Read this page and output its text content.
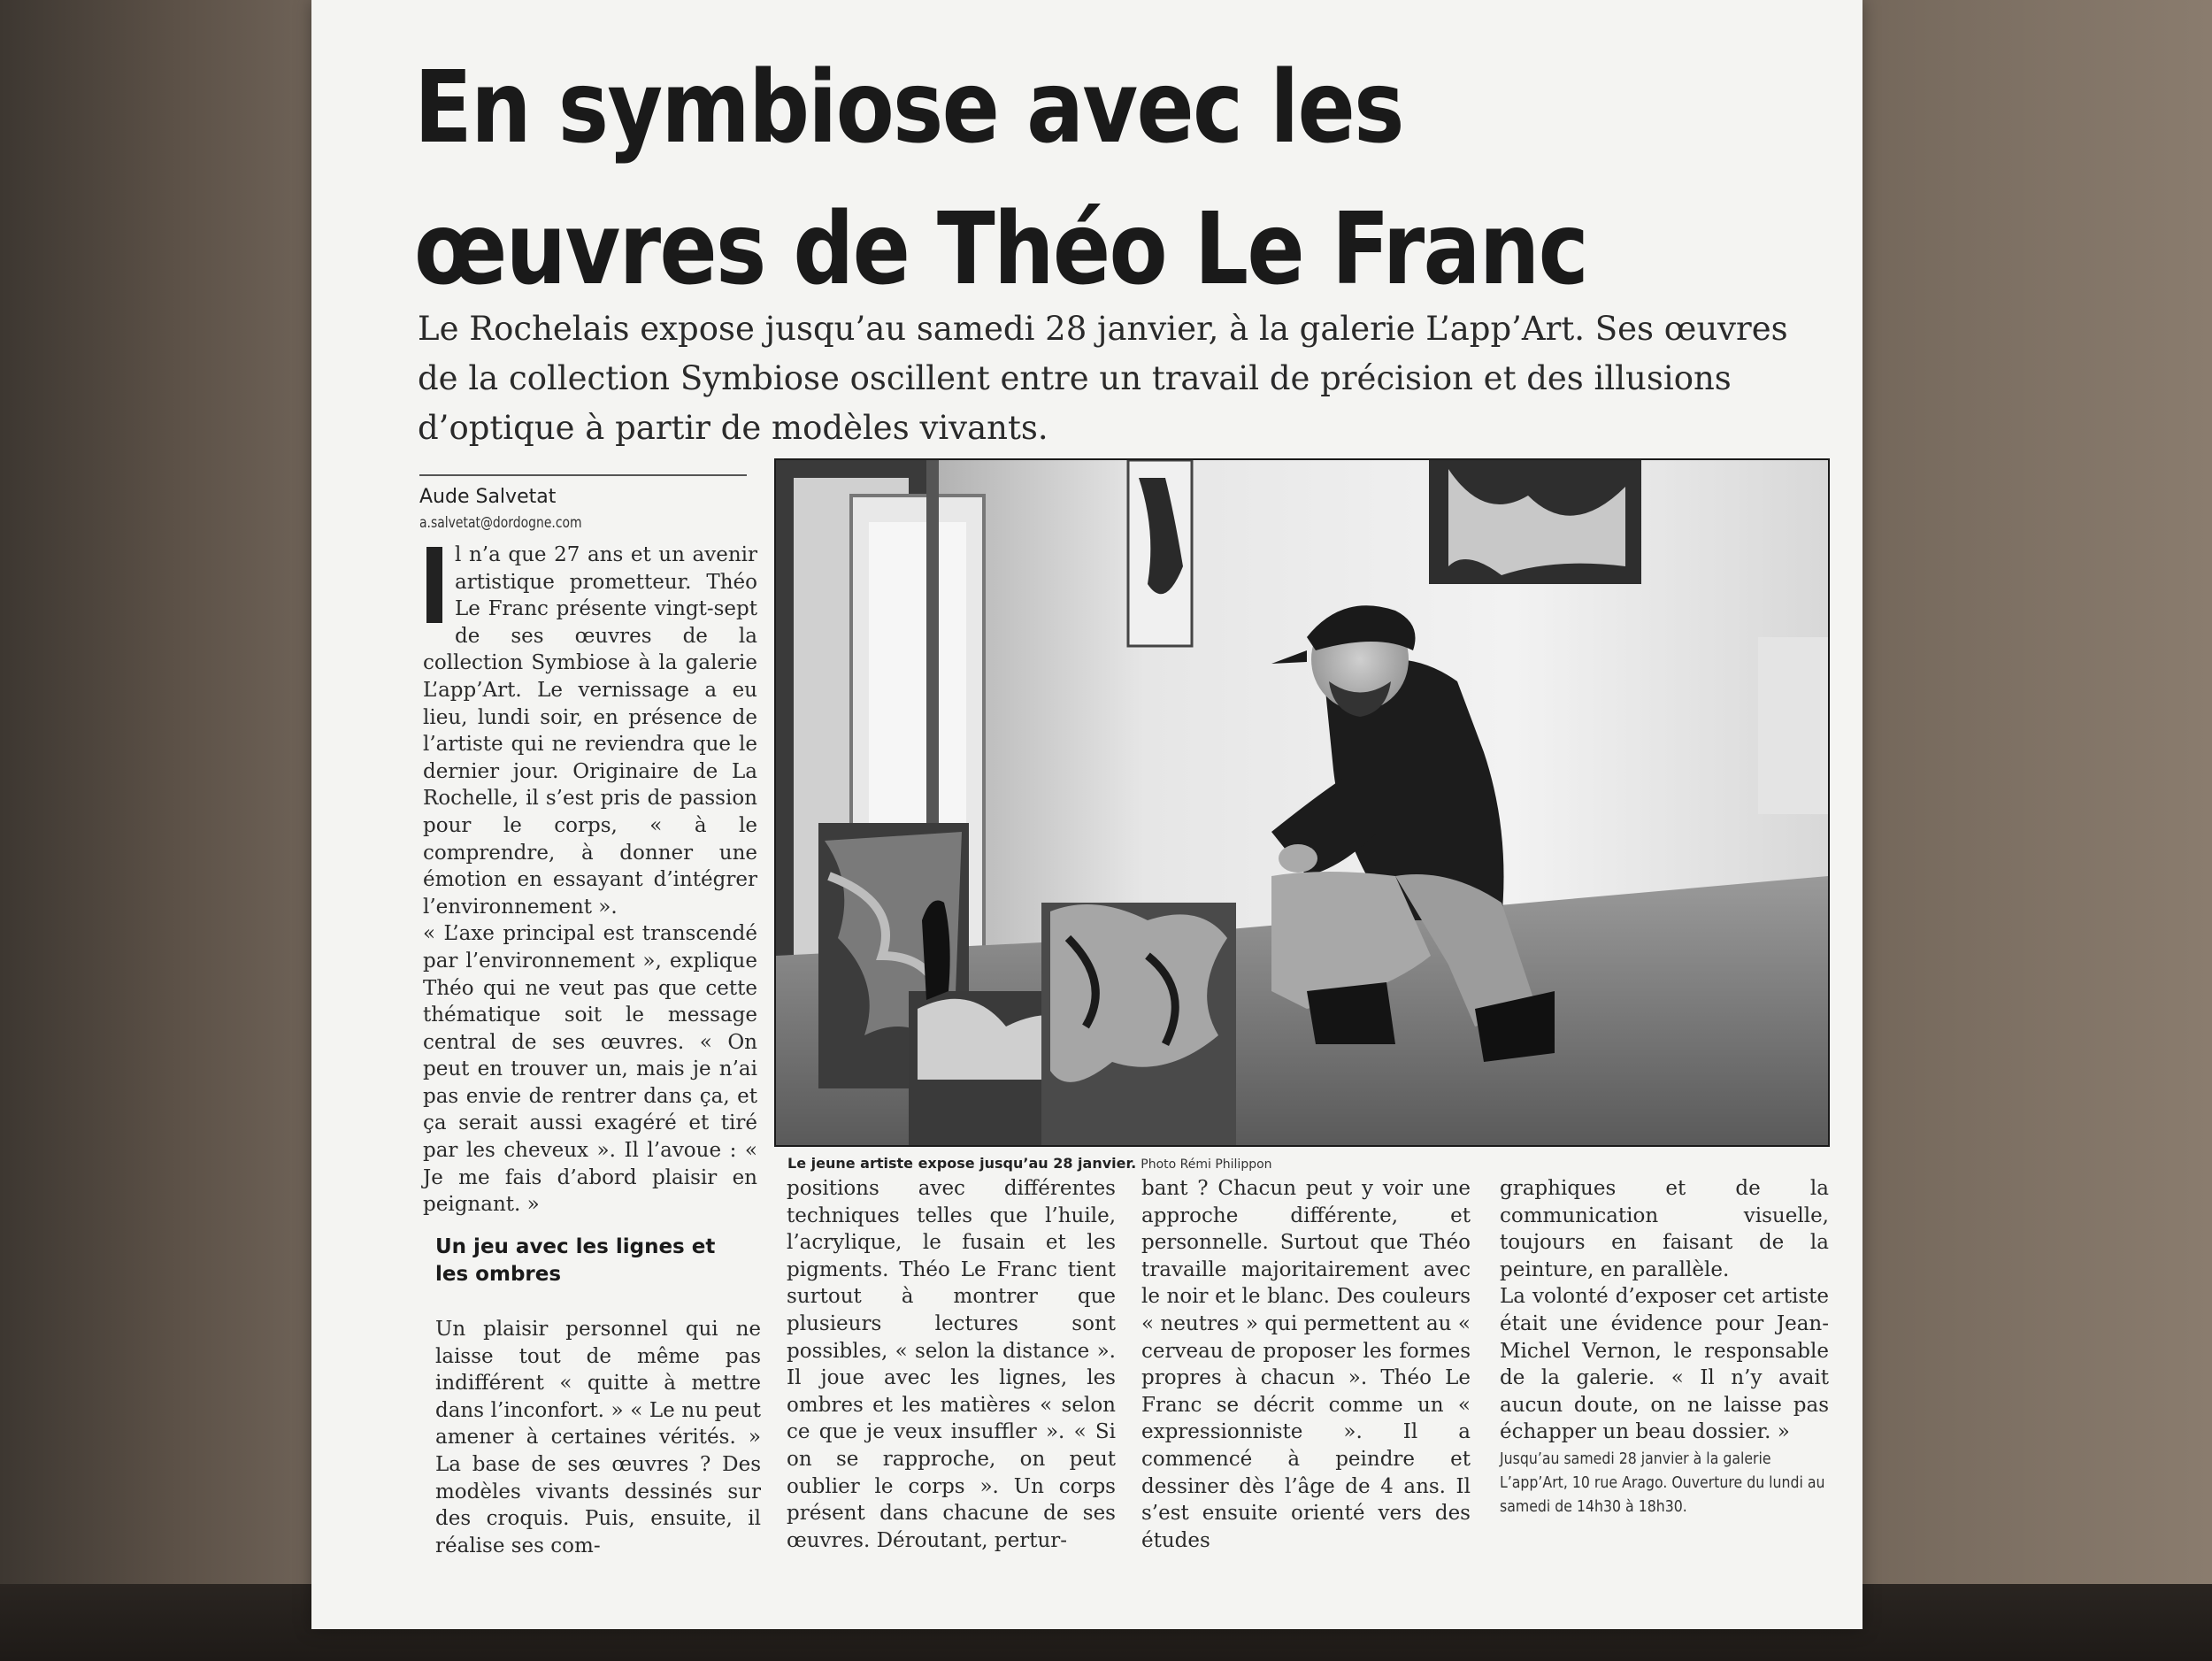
En symbiose avec les œuvres de Théo Le Franc

Le Rochelais expose jusqu’au samedi 28 janvier, à la galerie L’app’Art. Ses œuvres de la collection Symbiose oscillent entre un travail de précision et des illusions d’optique à partir de modèles vivants.

Aude Salvetat
a.salvetat@dordogne.com

l n’a que 27 ans et un avenir artistique prometteur. Théo Le Franc présente vingt-sept de ses œuvres de la collection Symbiose à la galerie L’app’Art. Le vernissage a eu lieu, lundi soir, en présence de l’artiste qui ne reviendra que le dernier jour. Originaire de La Rochelle, il s’est pris de passion pour le corps, « à le comprendre, à donner une émotion en essayant d’intégrer l’environnement ».

« L’axe principal est transcendé par l’environnement », explique Théo qui ne veut pas que cette thématique soit le message central de ses œuvres. « On peut en trouver un, mais je n’ai pas envie de rentrer dans ça, et ça serait aussi exagéré et tiré par les cheveux ». Il l’avoue : « Je me fais d’abord plaisir en peignant. »

Un jeu avec les lignes et les ombres

Un plaisir personnel qui ne laisse tout de même pas indifférent « quitte à mettre dans l’inconfort. » « Le nu peut amener à certaines vérités. » La base de ses œuvres ? Des modèles vivants dessinés sur des croquis. Puis, ensuite, il réalise ses com-

Le jeune artiste expose jusqu’au 28 janvier. Photo Rémi Philippon

positions avec différentes techniques telles que l’huile, l’acrylique, le fusain et les pigments. Théo Le Franc tient surtout à montrer que plusieurs lectures sont possibles, « selon la distance ». Il joue avec les lignes, les ombres et les matières « selon ce que je veux insuffler ». « Si on se rapproche, on peut oublier le corps ». Un corps présent dans chacune de ses œuvres. Déroutant, pertur-

bant ? Chacun peut y voir une approche différente, et personnelle. Surtout que Théo travaille majoritairement avec le noir et le blanc. Des couleurs « neutres » qui permettent au « cerveau de proposer les formes propres à chacun ». Théo Le Franc se décrit comme un « expressionniste ». Il a commencé à peindre et dessiner dès l’âge de 4 ans. Il s’est ensuite orienté vers des études

graphiques et de la communication visuelle, toujours en faisant de la peinture, en parallèle.

La volonté d’exposer cet artiste était une évidence pour Jean-Michel Vernon, le responsable de la galerie. « Il n’y avait aucun doute, on ne laisse pas échapper un beau dossier. »

Jusqu’au samedi 28 janvier à la galerie L’app’Art, 10 rue Arago. Ouverture du lundi au samedi de 14h30 à 18h30.
